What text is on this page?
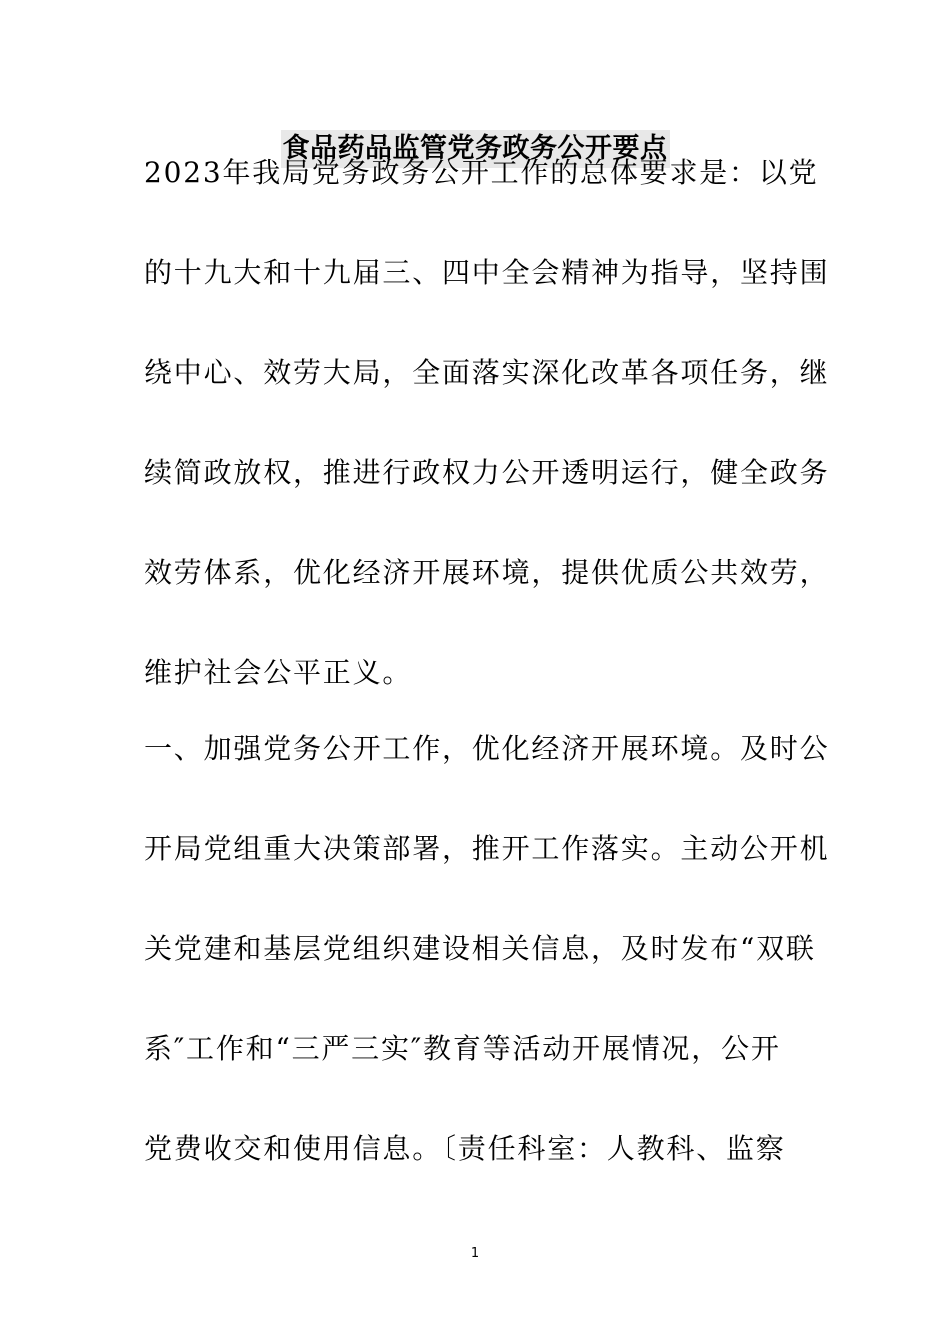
食品药品监管党务政务公开要点
2023年我局党务政务公开工作的总体要求是：以党
的十九大和十九届三、四中全会精神为指导，坚持围
绕中心、效劳大局，全面落实深化改革各项任务，继
续简政放权，推进行政权力公开透明运行，健全政务
效劳体系，优化经济开展环境，提供优质公共效劳，
维护社会公平正义。
一、加强党务公开工作，优化经济开展环境。及时公
开局党组重大决策部署，推开工作落实。主动公开机
关党建和基层党组织建设相关信息，及时发布“双联
系″工作和“三严三实″教育等活动开展情况，公开
党费收交和使用信息。〔责任科室：人教科、监察
1
